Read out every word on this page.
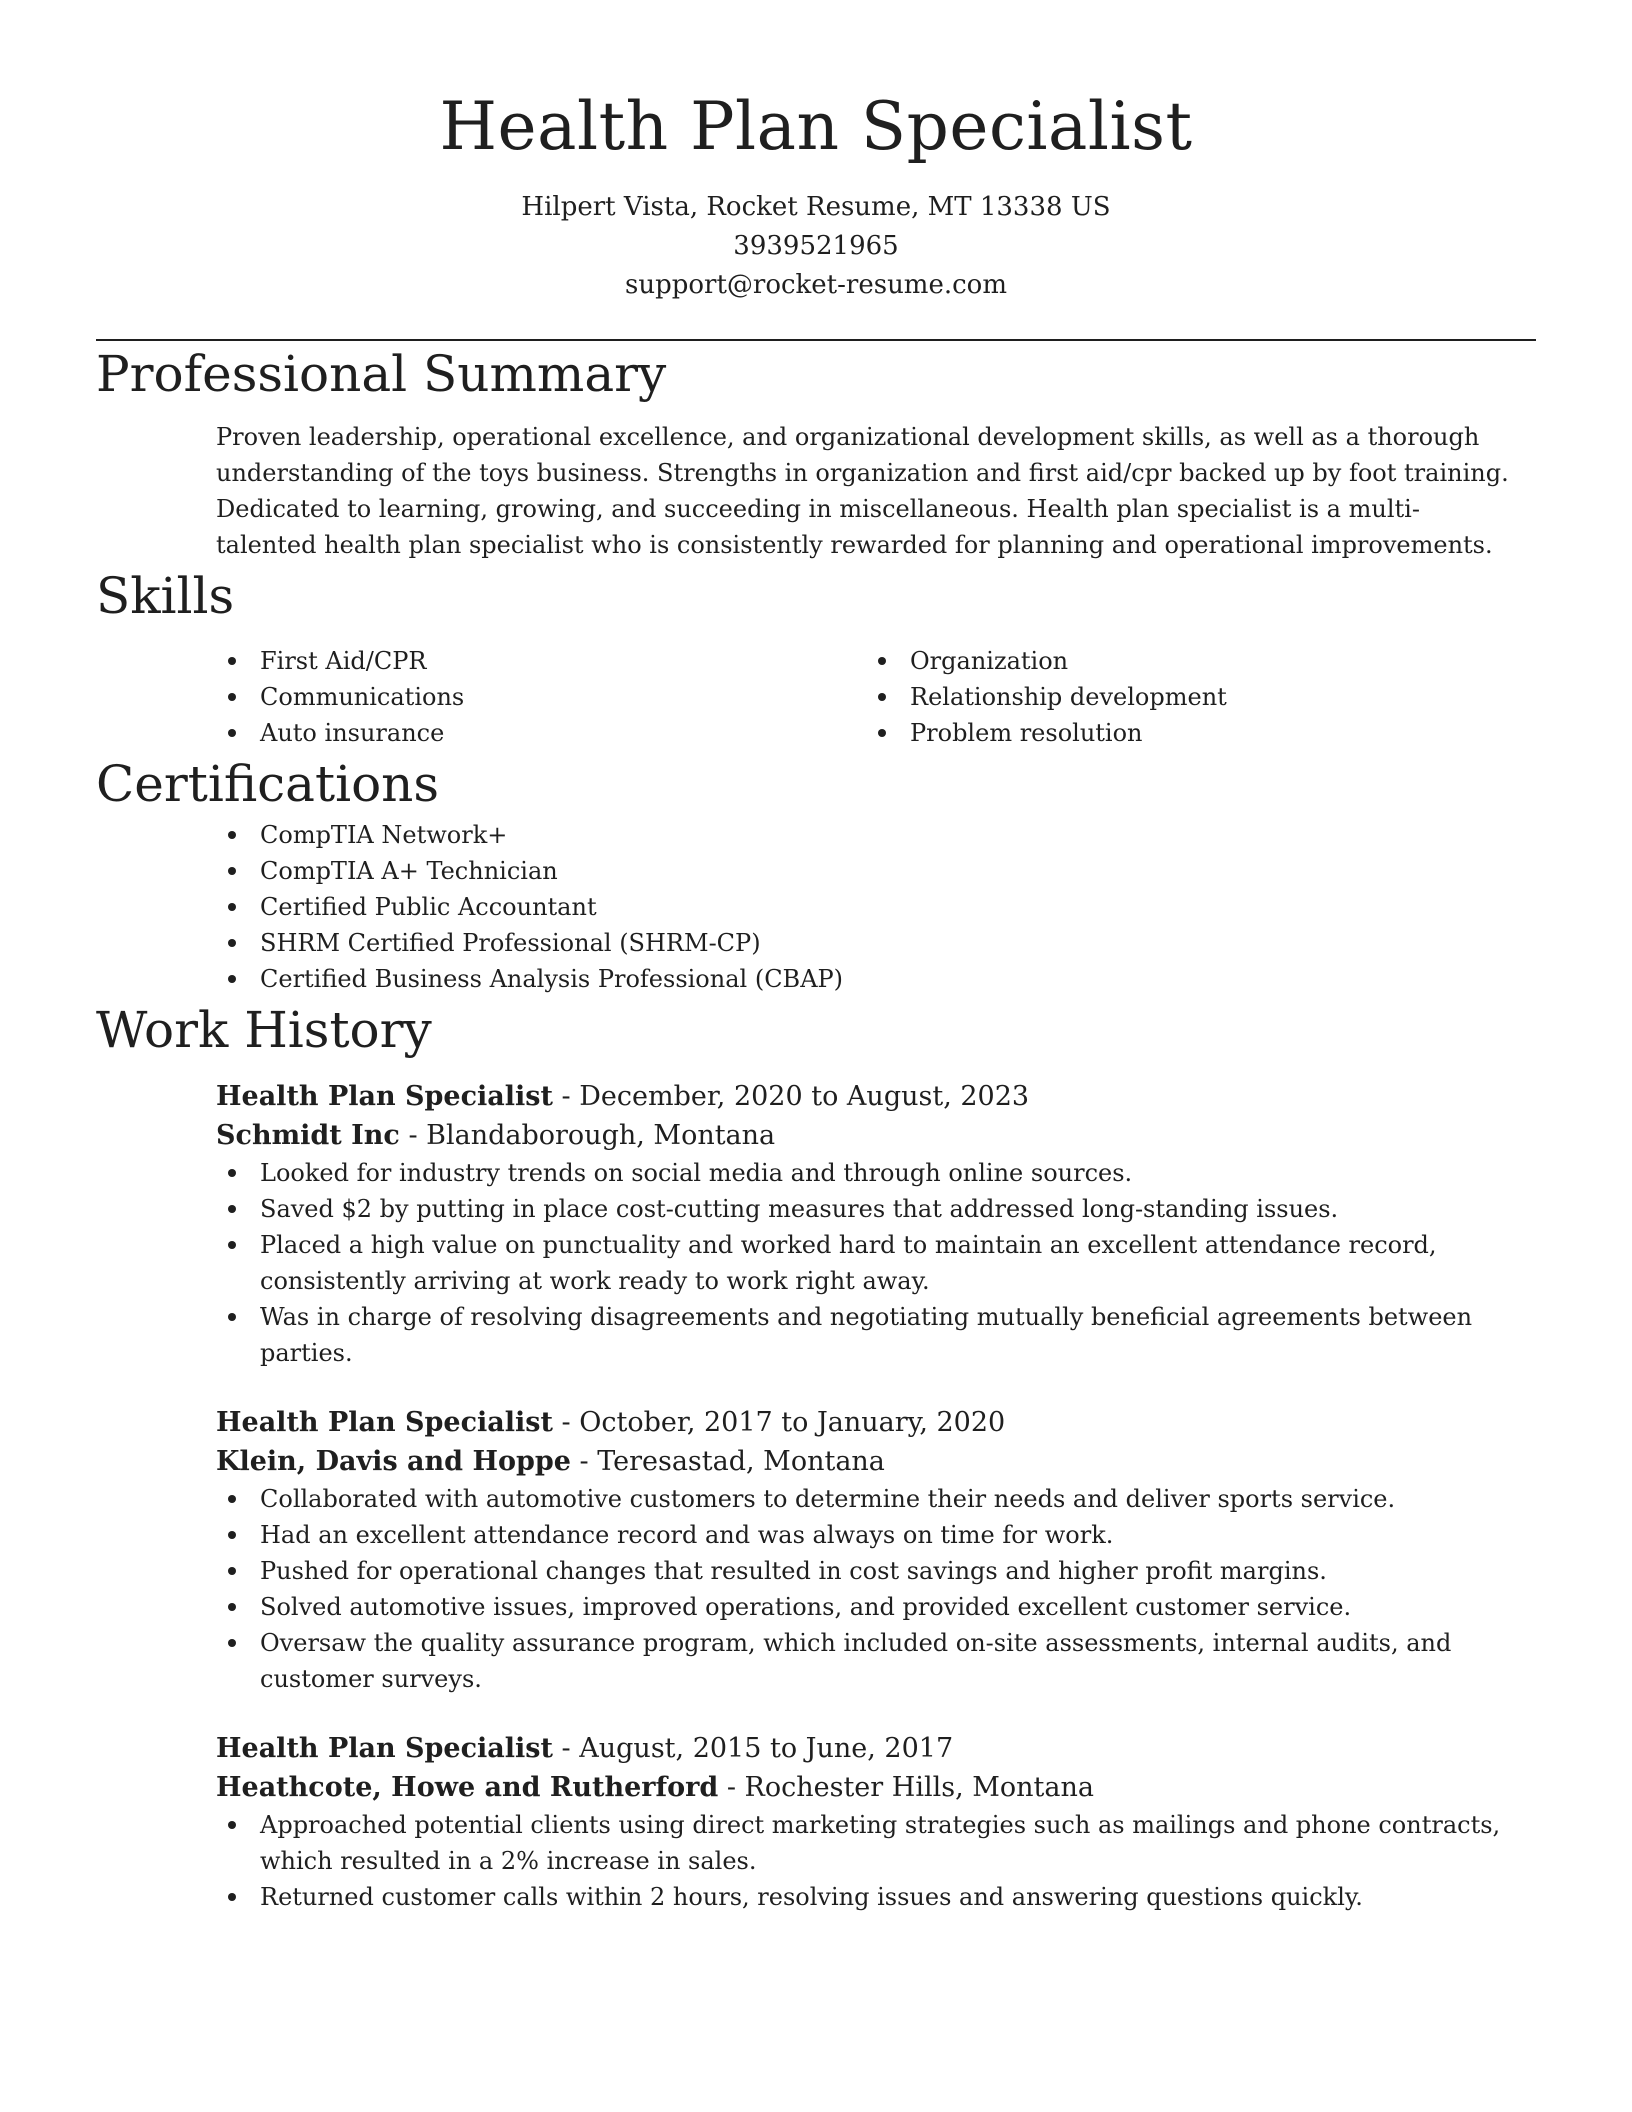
Health Plan Specialist

Hilpert Vista, Rocket Resume, MT 13338 US

3939521965

support@rocket-resume.com

Professional Summary

Proven leadership, operational excellence, and organizational development skills, as well as a thorough understanding of the toys business. Strengths in organization and first aid/cpr backed up by foot training. Dedicated to learning, growing, and succeeding in miscellaneous. Health plan specialist is a multi-talented health plan specialist who is consistently rewarded for planning and operational improvements.

Skills
First Aid/CPR
Communications
Auto insurance
Organization
Relationship development
Problem resolution
Certifications
CompTIA Network+
CompTIA A+ Technician
Certified Public Accountant
SHRM Certified Professional (SHRM-CP)
Certified Business Analysis Professional (CBAP)
Work History

Health Plan Specialist - December, 2020 to August, 2023

Schmidt Inc - Blandaborough, Montana

Looked for industry trends on social media and through online sources.
Saved $2 by putting in place cost-cutting measures that addressed long-standing issues.
Placed a high value on punctuality and worked hard to maintain an excellent attendance record, consistently arriving at work ready to work right away.
Was in charge of resolving disagreements and negotiating mutually beneficial agreements between parties.

Health Plan Specialist - October, 2017 to January, 2020

Klein, Davis and Hoppe - Teresastad, Montana

Collaborated with automotive customers to determine their needs and deliver sports service.
Had an excellent attendance record and was always on time for work.
Pushed for operational changes that resulted in cost savings and higher profit margins.
Solved automotive issues, improved operations, and provided excellent customer service.
Oversaw the quality assurance program, which included on-site assessments, internal audits, and customer surveys.

Health Plan Specialist - August, 2015 to June, 2017

Heathcote, Howe and Rutherford - Rochester Hills, Montana

Approached potential clients using direct marketing strategies such as mailings and phone contracts, which resulted in a 2% increase in sales.
Returned customer calls within 2 hours, resolving issues and answering questions quickly.
